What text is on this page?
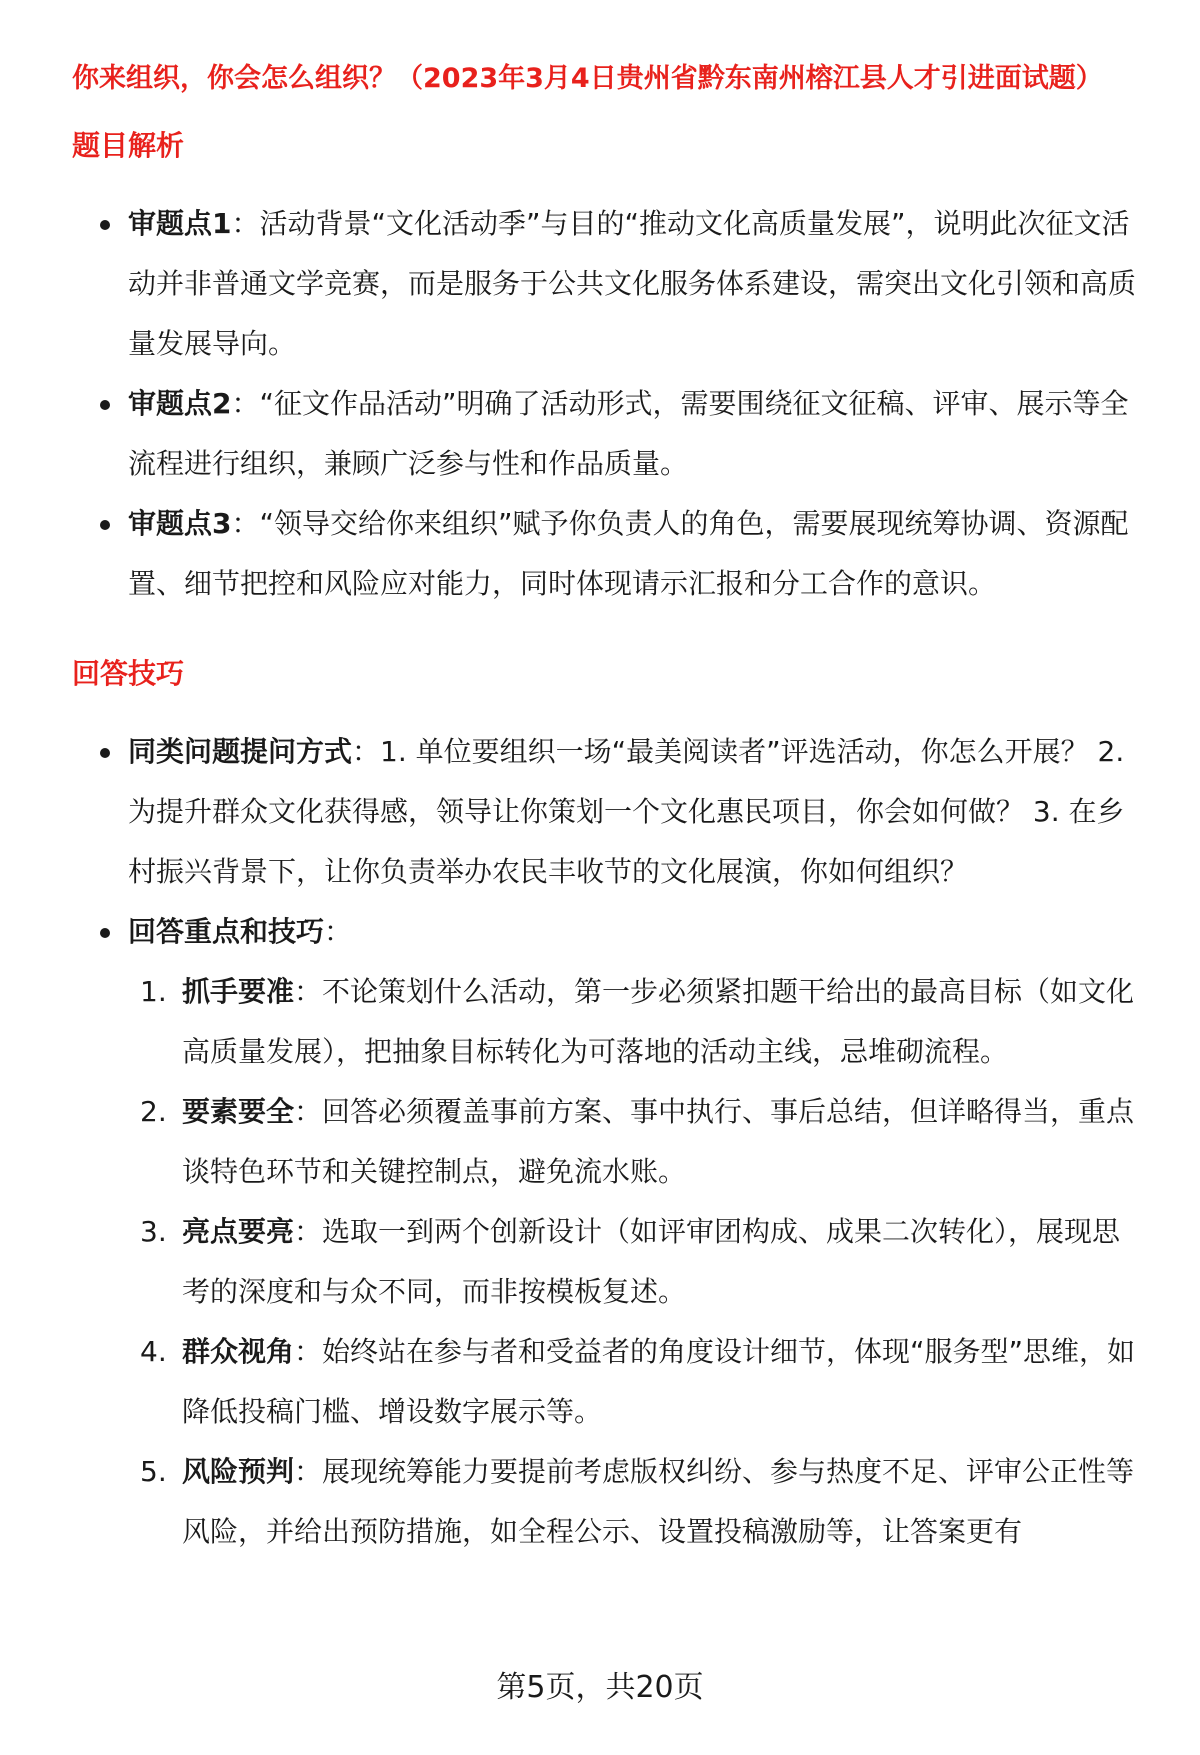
你来组织，你会怎么组织？（2023年3月4日贵州省黔东南州榕江县人才引进面试题）
题目解析
审题点1：活动背景“文化活动季”与目的“推动文化高质量发展”，说明此次征文活动并非普通文学竞赛，而是服务于公共文化服务体系建设，需突出文化引领和高质量发展导向。
审题点2：“征文作品活动”明确了活动形式，需要围绕征文征稿、评审、展示等全流程进行组织，兼顾广泛参与性和作品质量。
审题点3：“领导交给你来组织”赋予你负责人的角色，需要展现统筹协调、资源配置、细节把控和风险应对能力，同时体现请示汇报和分工合作的意识。
回答技巧
同类问题提问方式：1. 单位要组织一场“最美阅读者”评选活动，你怎么开展？ 2. 为提升群众文化获得感，领导让你策划一个文化惠民项目，你会如何做？ 3. 在乡村振兴背景下，让你负责举办农民丰收节的文化展演，你如何组织？
回答重点和技巧：
1. 抓手要准：不论策划什么活动，第一步必须紧扣题干给出的最高目标（如文化高质量发展），把抽象目标转化为可落地的活动主线，忌堆砌流程。
2. 要素要全：回答必须覆盖事前方案、事中执行、事后总结，但详略得当，重点谈特色环节和关键控制点，避免流水账。
3. 亮点要亮：选取一到两个创新设计（如评审团构成、成果二次转化），展现思考的深度和与众不同，而非按模板复述。
4. 群众视角：始终站在参与者和受益者的角度设计细节，体现“服务型”思维，如降低投稿门槛、增设数字展示等。
5. 风险预判：展现统筹能力要提前考虑版权纠纷、参与热度不足、评审公正性等风险，并给出预防措施，如全程公示、设置投稿激励等，让答案更有
第5页，共20页
